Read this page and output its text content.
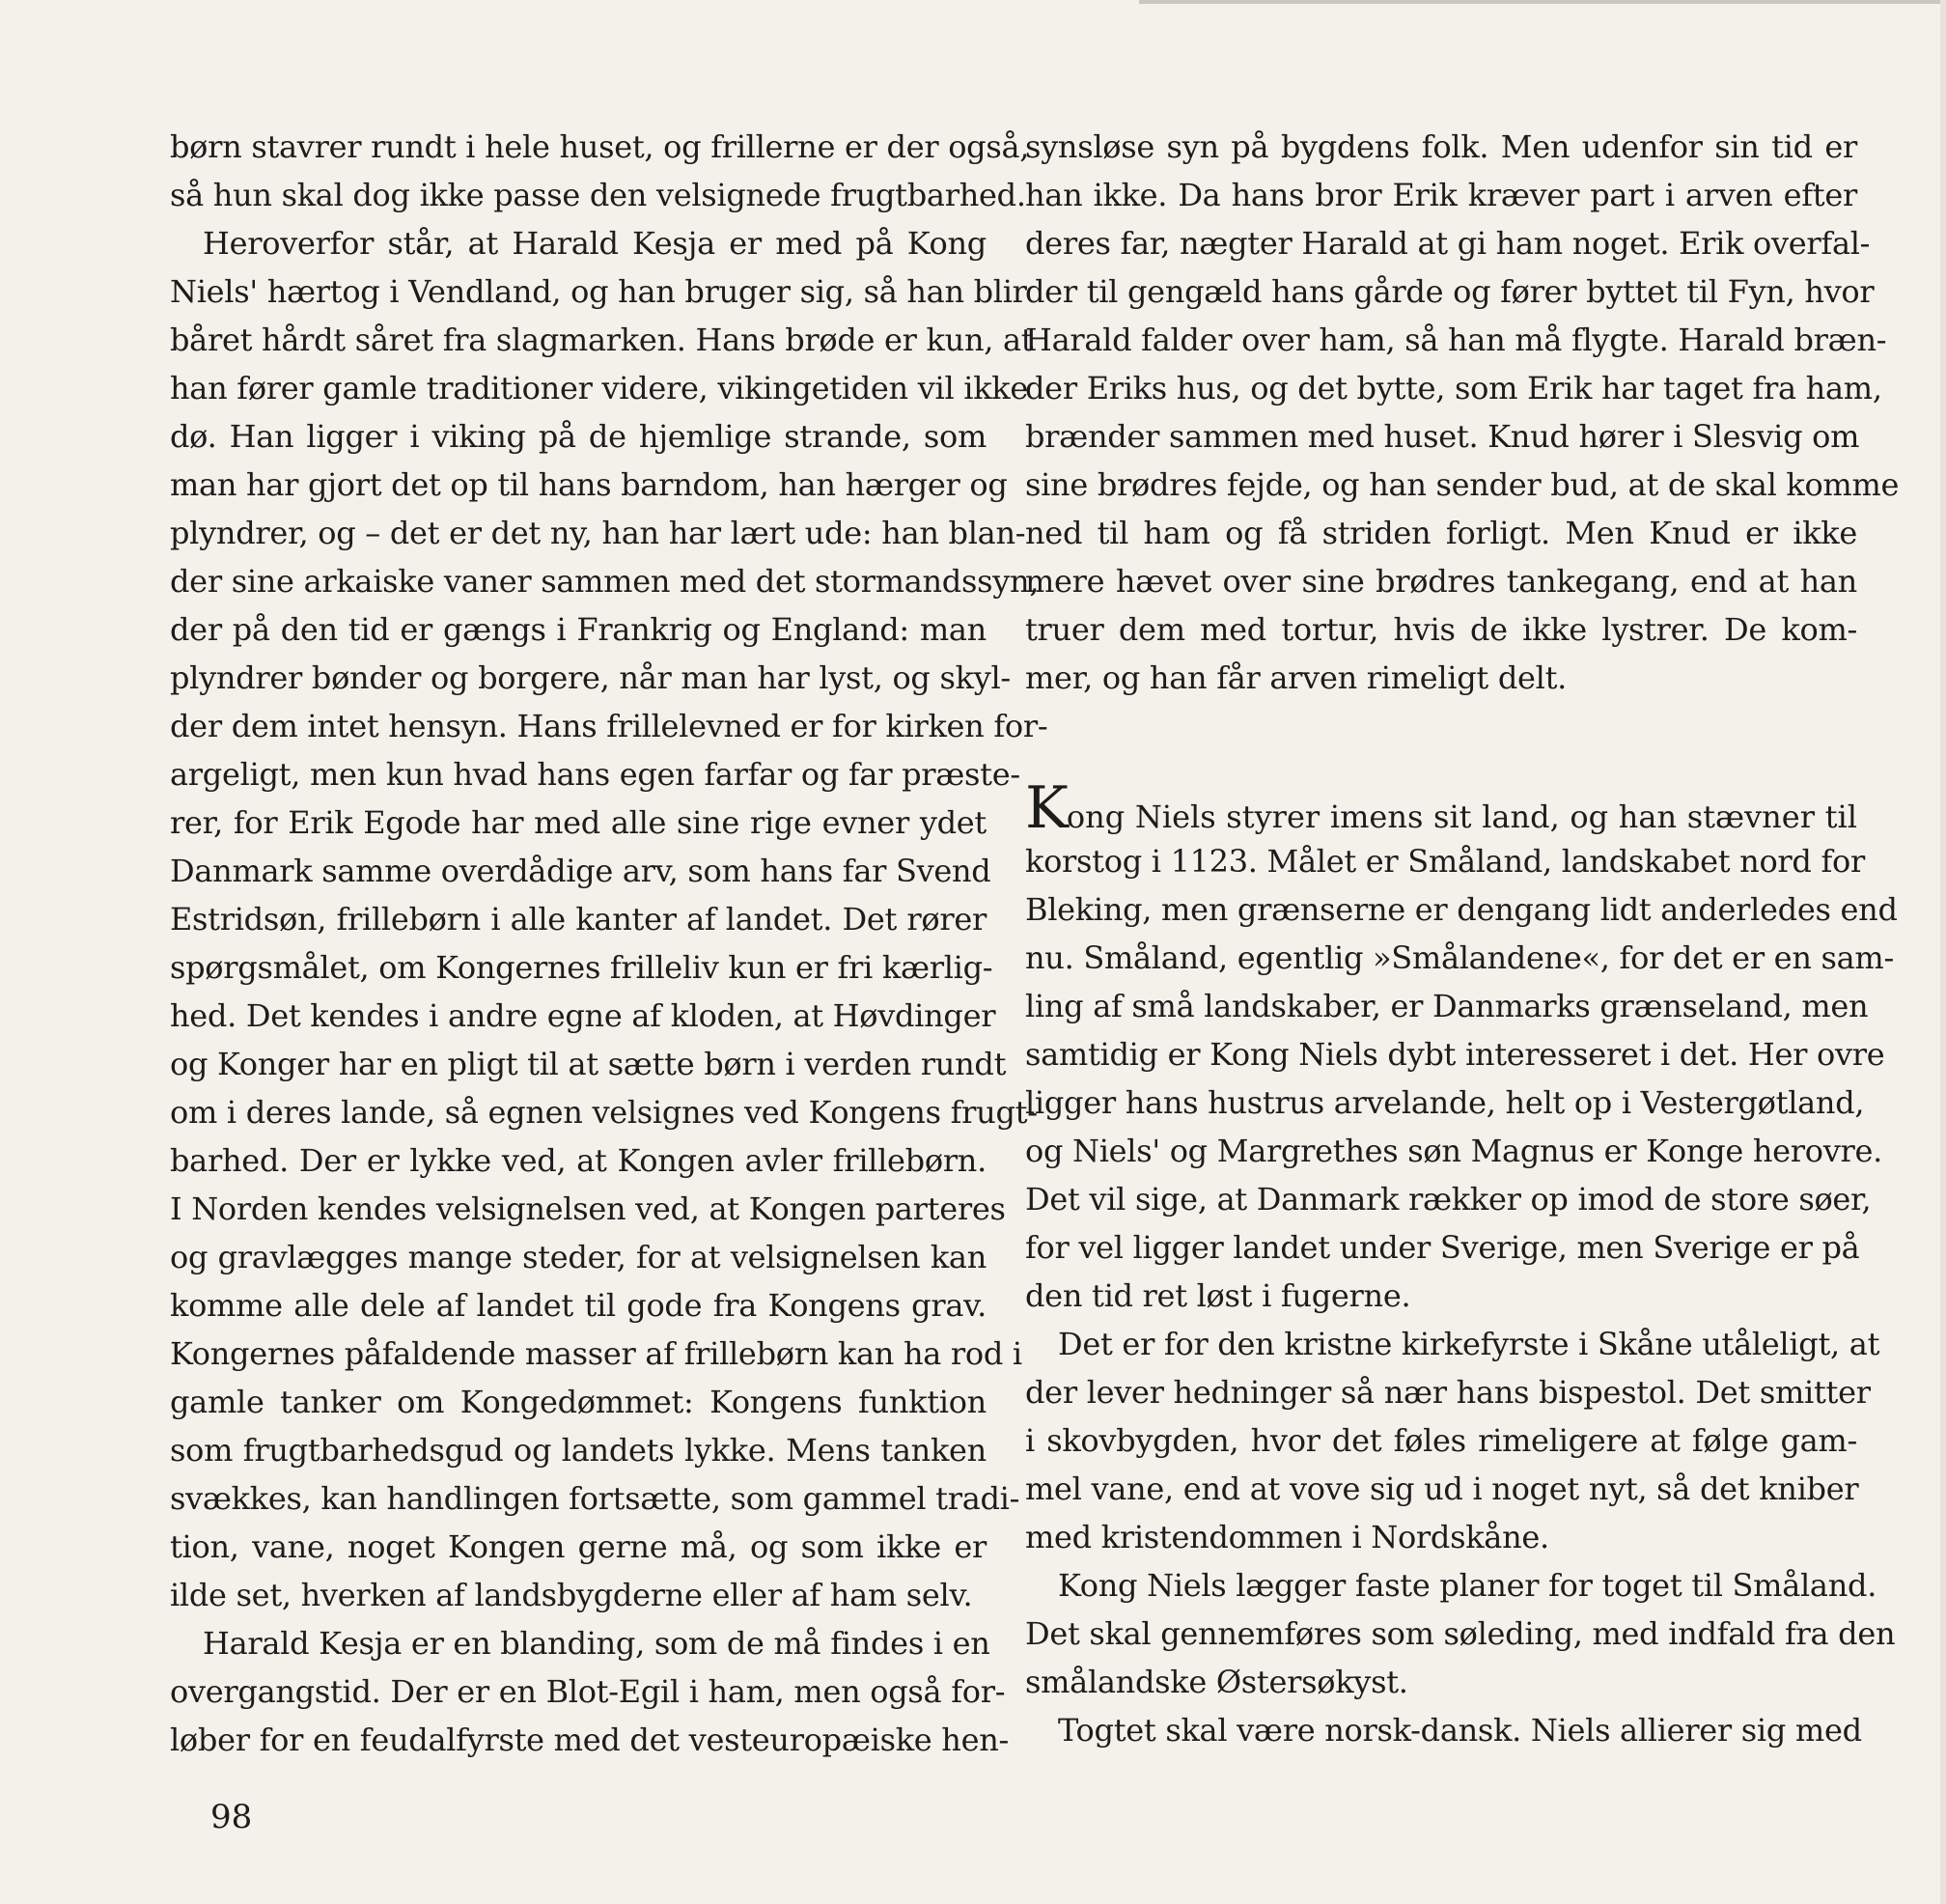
børn stavrer rundt i hele huset, og frillerne er der også,
så hun skal dog ikke passe den velsignede frugtbarhed.
Heroverfor står, at Harald Kesja er med på Kong
Niels' hærtog i Vendland, og han bruger sig, så han blir
båret hårdt såret fra slagmarken. Hans brøde er kun, at
han fører gamle traditioner videre, vikingetiden vil ikke
dø. Han ligger i viking på de hjemlige strande, som
man har gjort det op til hans barndom, han hærger og
plyndrer, og – det er det ny, han har lært ude: han blan-
der sine arkaiske vaner sammen med det stormandssyn,
der på den tid er gængs i Frankrig og England: man
plyndrer bønder og borgere, når man har lyst, og skyl-
der dem intet hensyn. Hans frillelevned er for kirken for-
argeligt, men kun hvad hans egen farfar og far præste-
rer, for Erik Egode har med alle sine rige evner ydet
Danmark samme overdådige arv, som hans far Svend
Estridsøn, frillebørn i alle kanter af landet. Det rører
spørgsmålet, om Kongernes frilleliv kun er fri kærlig-
hed. Det kendes i andre egne af kloden, at Høvdinger
og Konger har en pligt til at sætte børn i verden rundt
om i deres lande, så egnen velsignes ved Kongens frugt-
barhed. Der er lykke ved, at Kongen avler frillebørn.
I Norden kendes velsignelsen ved, at Kongen parteres
og gravlægges mange steder, for at velsignelsen kan
komme alle dele af landet til gode fra Kongens grav.
Kongernes påfaldende masser af frillebørn kan ha rod i
gamle tanker om Kongedømmet: Kongens funktion
som frugtbarhedsgud og landets lykke. Mens tanken
svækkes, kan handlingen fortsætte, som gammel tradi-
tion, vane, noget Kongen gerne må, og som ikke er
ilde set, hverken af landsbygderne eller af ham selv.
Harald Kesja er en blanding, som de må findes i en
overgangstid. Der er en Blot-Egil i ham, men også for-
løber for en feudalfyrste med det vesteuropæiske hen-
synsløse syn på bygdens folk. Men udenfor sin tid er
han ikke. Da hans bror Erik kræver part i arven efter
deres far, nægter Harald at gi ham noget. Erik overfal-
der til gengæld hans gårde og fører byttet til Fyn, hvor
Harald falder over ham, så han må flygte. Harald bræn-
der Eriks hus, og det bytte, som Erik har taget fra ham,
brænder sammen med huset. Knud hører i Slesvig om
sine brødres fejde, og han sender bud, at de skal komme
ned til ham og få striden forligt. Men Knud er ikke
mere hævet over sine brødres tankegang, end at han
truer dem med tortur, hvis de ikke lystrer. De kom-
mer, og han får arven rimeligt delt.
Kong Niels styrer imens sit land, og han stævner til
korstog i 1123. Målet er Småland, landskabet nord for
Bleking, men grænserne er dengang lidt anderledes end
nu. Småland, egentlig »Smålandene«, for det er en sam-
ling af små landskaber, er Danmarks grænseland, men
samtidig er Kong Niels dybt interesseret i det. Her ovre
ligger hans hustrus arvelande, helt op i Vestergøtland,
og Niels' og Margrethes søn Magnus er Konge herovre.
Det vil sige, at Danmark rækker op imod de store søer,
for vel ligger landet under Sverige, men Sverige er på
den tid ret løst i fugerne.
Det er for den kristne kirkefyrste i Skåne utåleligt, at
der lever hedninger så nær hans bispestol. Det smitter
i skovbygden, hvor det føles rimeligere at følge gam-
mel vane, end at vove sig ud i noget nyt, så det kniber
med kristendommen i Nordskåne.
Kong Niels lægger faste planer for toget til Småland.
Det skal gennemføres som søleding, med indfald fra den
smålandske Østersøkyst.
Togtet skal være norsk-dansk. Niels allierer sig med
98
